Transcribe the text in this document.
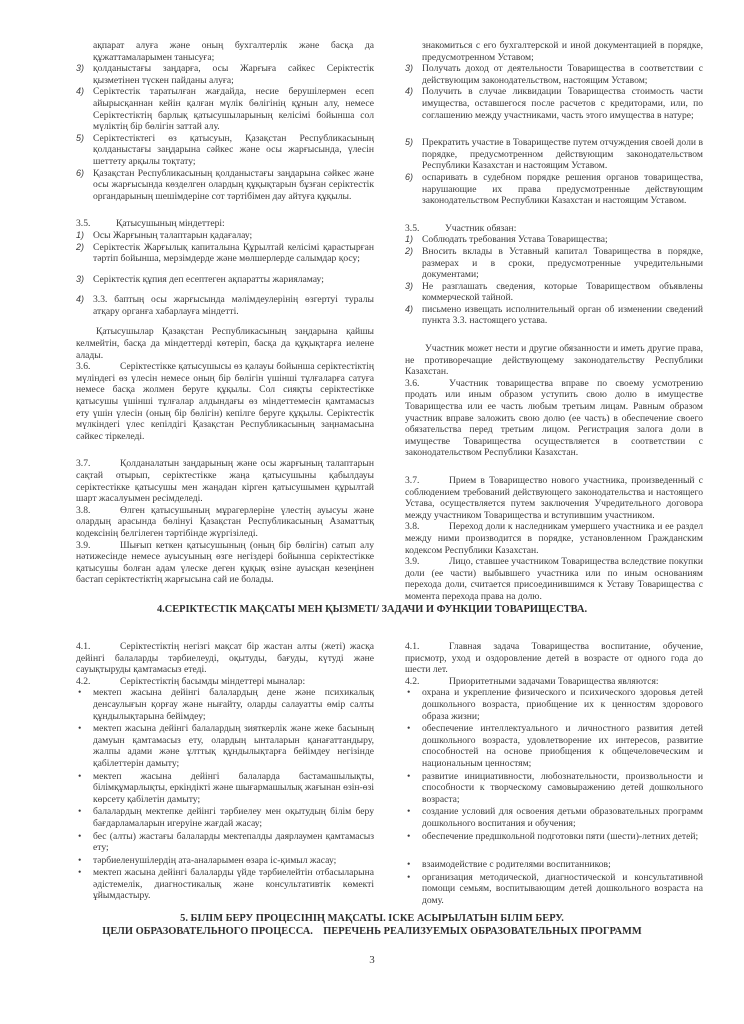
ақпарат алуға және оның бухгалтерлік және басқа да құжаттамаларымен танысуға;
3) қолданыстағы заңдарға, осы Жарғыға сәйкес Серіктестік қызметінен түскен пайданы алуға;
4) Серіктестік таратылған жағдайда, несие берушілермен есеп айырысқаннан кейін қалған мүлік бөлігінің құнын алу, немесе Серіктестіктің барлық қатысушыларының келісімі бойынша сол мүліктің бір бөлігін заттай алу.
5) Серіктестіктегі өз қатысуын, Қазақстан Республикасының қолданыстағы заңдарына сәйкес және осы жарғысында, үлесін шеттету арқылы тоқтату;
6) Қазақстан Республикасының қолданыстағы заңдарына сәйкес және осы жарғысында көзделген олардың құқықтарын бұзған серіктестік органдарының шешімдеріне сот тәртібімен дау айтуға құқылы.
3.5.	Қатысушының міндеттері:
1) Осы Жарғының талаптарын қадағалау;
2) Серіктестік Жарғылық капиталына Құрылтай келісімі қарастырған тәртіп бойынша, мерзімдерде және мөлшерлерде салымдар қосу;
3) Серіктестік құпия деп есептеген ақпаратты жарияламау;
4) 3.3. баптың осы жарғысында мәлімдеулерінің өзгертуі туралы атқару органға хабарлауға міндетті.
Қатысушылар Қазақстан Республикасының заңдарына қайшы келмейтін, басқа да міндеттерді көтеріп, басқа да құқықтарға иелене алады.
3.6.	Серіктестікке қатысушысы өз қалауы бойынша серіктестіктің мүліндегі өз үлесін немесе оның бір бөлігін үшінші тұлғаларға сатуға немесе басқа жолмен беруге құқылы. Сол сияқты серіктестікке қатысушы үшінші тұлғалар алдындағы өз міндеттемесін қамтамасыз ету үшін үлесін (оның бір бөлігін) кепілге беруге құқылы. Серіктестік мүлкіндегі үлес кепілдігі Қазақстан Республикасының заңнамасына сәйкес тіркеледі.
3.7.	Қолданалатын заңдарының және осы жарғының талаптарын сақтай отырып, серіктестікке жаңа қатысушыны қабылдауы серіктестікке қатысушы мен жаңадан кірген қатысушымен құрылтай шарт жасалуымен ресімделеді.
3.8.	Өлген қатысушының мұрагерлеріне үлестің ауысуы және олардың арасында бөлінуі Қазақстан Республикасының Азаматтық кодексінің белгілеген тәртібінде жүргізіледі.
3.9.	Шығып кеткен қатысушының (оның бір бөлігін) сатып алу нәтижесінде немесе ауысуының өзге негіздері бойынша серіктестікке қатысушы болған адам үлеске деген құқық өзіне ауысқан кезеңінен бастап серіктестіктің жарғысына сай ие болады.
знакомиться с его бухгалтерской и иной документацией в порядке, предусмотренном Уставом;
3) Получать доход от деятельности Товарищества в соответствии с действующим законодательством, настоящим Уставом;
4) Получить в случае ликвидации Товарищества стоимость части имущества, оставшегося после расчетов с кредиторами, или, по соглашению между участниками, часть этого имущества в натуре;
5) Прекратить участие в Товариществе путем отчуждения своей доли в порядке, предусмотренном действующим законодательством Республики Казахстан и настоящим Уставом.
6) оспаривать в судебном порядке решения органов товарищества, нарушающие их права предусмотренные действующим законодательством Республики Казахстан и настоящим Уставом.
3.5.	Участник обязан:
1) Соблюдать требования Устава Товарищества;
2) Вносить вклады в Уставный капитал Товарищества в порядке, размерах и в сроки, предусмотренные учредительными документами;
3) Не разглашать сведения, которые Товариществом объявлены коммерческой тайной.
4) письмено извещать исполнительный орган об изменении сведений пункта 3.3. настоящего устава.
Участник может нести и другие обязанности и иметь другие права, не противоречащие действующему законодательству Республики Казахстан.
3.6.	Участник товарищества вправе по своему усмотрению продать или иным образом уступить свою долю в имуществе Товарищества или ее часть любым третьим лицам. Равным образом участник вправе заложить свою долю (ее часть) в обеспечение своего обязательства перед третьим лицом. Регистрация залога доли в имуществе Товарищества осуществляется в соответствии с законодательством Республики Казахстан.
3.7.	Прием в Товарищество нового участника, произведенный с соблюдением требований действующего законодательства и настоящего Устава, осуществляется путем заключения Учредительного договора между участником Товарищества и вступившим участником.
3.8.	Переход доли к наследникам умершего участника и ее раздел между ними производится в порядке, установленном Гражданским кодексом Республики Казахстан.
3.9.	Лицо, ставшее участником Товарищества вследствие покупки доли (ее части) выбывшего участника или по иным основаниям перехода доли, считается присоединившимся к Уставу Товарищества с момента перехода права на долю.
4.СЕРІКТЕСТІК МАҚСАТЫ МЕН ҚЫЗМЕТІ/ ЗАДАЧИ И ФУНКЦИИ ТОВАРИЩЕСТВА.
4.1.	Серіктестіктің негізгі мақсат бір жастан алты (жеті) жасқа дейінгі балаларды тәрбиелеуді, оқытуды, бағуды, күтуді және сауықтыруды қамтамасыз етеді.
4.2.	Серіктестіктің басымды міндеттері мыналар:
• мектеп жасына дейінгі балалардың дене және психикалық денсаулығын қорғау және нығайту, оларды салауатты өмір салты құндылықтарына бейімдеу;
• мектеп жасына дейінгі балалардың зияткерлік және жеке басының дамуын қамтамасыз ету, олардың ынталарын қанағаттандыру, жалпы адами және ұлттық құндылықтарға бейімдеу негізінде қабілеттерін дамыту;
• мектеп жасына дейінгі балаларда бастамашылықты, білімқұмарлықты, еркіндікті және шығармашылық жағынан өзін-өзі көрсету қабілетін дамыту;
• балалардың мектепке дейінгі тәрбиелеу мен оқытудың білім беру бағдарламаларын игеруіне жағдай жасау;
• бес (алты) жастағы балаларды мектепалды даярлаумен қамтамасыз ету;
• тәрбиеленушілердің ата-аналарымен өзара іс-қимыл жасау;
• мектеп жасына дейінгі балаларды үйде тәрбиелейтін отбасыларына әдістемелік, диагностикалық және консультативтік көмекті ұйымдастыру.
4.1.	Главная задача Товарищества воспитание, обучение, присмотр, уход и оздоровление детей в возрасте от одного года до шести лет.
4.2.	Приоритетными задачами Товарищества являются:
• охрана и укрепление физического и психического здоровья детей дошкольного возраста, приобщение их к ценностям здорового образа жизни;
• обеспечение интеллектуального и личностного развития детей дошкольного возраста, удовлетворение их интересов, развитие способностей на основе приобщения к общечеловеческим и национальным ценностям;
• развитие инициативности, любознательности, произвольности и способности к творческому самовыражению детей дошкольного возраста;
• создание условий для освоения детьми образовательных программ дошкольного воспитания и обучения;
• обеспечение предшкольной подготовки пяти (шести)-летних детей;
• взаимодействие с родителями воспитанников;
• организация методической, диагностической и консультативной помощи семьям, воспитывающим детей дошкольного возраста на дому.
5. БІЛІМ БЕРУ ПРОЦЕСІНІҢ МАҚСАТЫ. ІСКЕ АСЫРЫЛАТЫН БІЛІМ БЕРУ.
ЦЕЛИ ОБРАЗОВАТЕЛЬНОГО ПРОЦЕССА.    ПЕРЕЧЕНЬ РЕАЛИЗУЕМЫХ ОБРАЗОВАТЕЛЬНЫХ ПРОГРАММ
3
